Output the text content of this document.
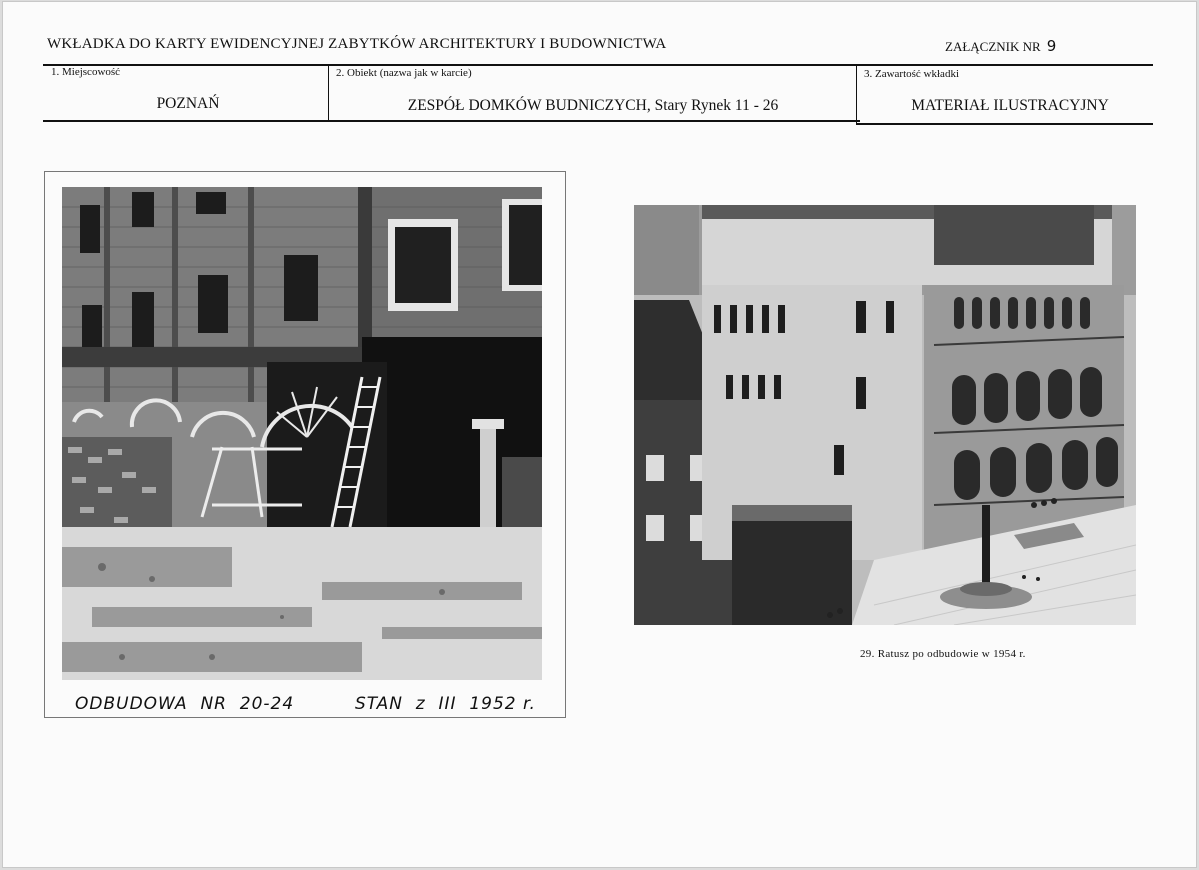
WKŁADKA DO KARTY EWIDENCYJNEJ ZABYTKÓW ARCHITEKTURY I BUDOWNICTWA	ZAŁĄCZNIK NR 9
1. Miejscowość	2. Obiekt (nazwa jak w karcie)	3. Zawartość wkładki
POZNAŃ	ZESPÓŁ DOMKÓW BUDNICZYCH, Stary Rynek 11 - 26	MATERIAŁ ILUSTRACYJNY
ODBUDOWA  NR  20-24	STAN  z  III  1952 r.
29. Ratusz po odbudowie w 1954 r.
